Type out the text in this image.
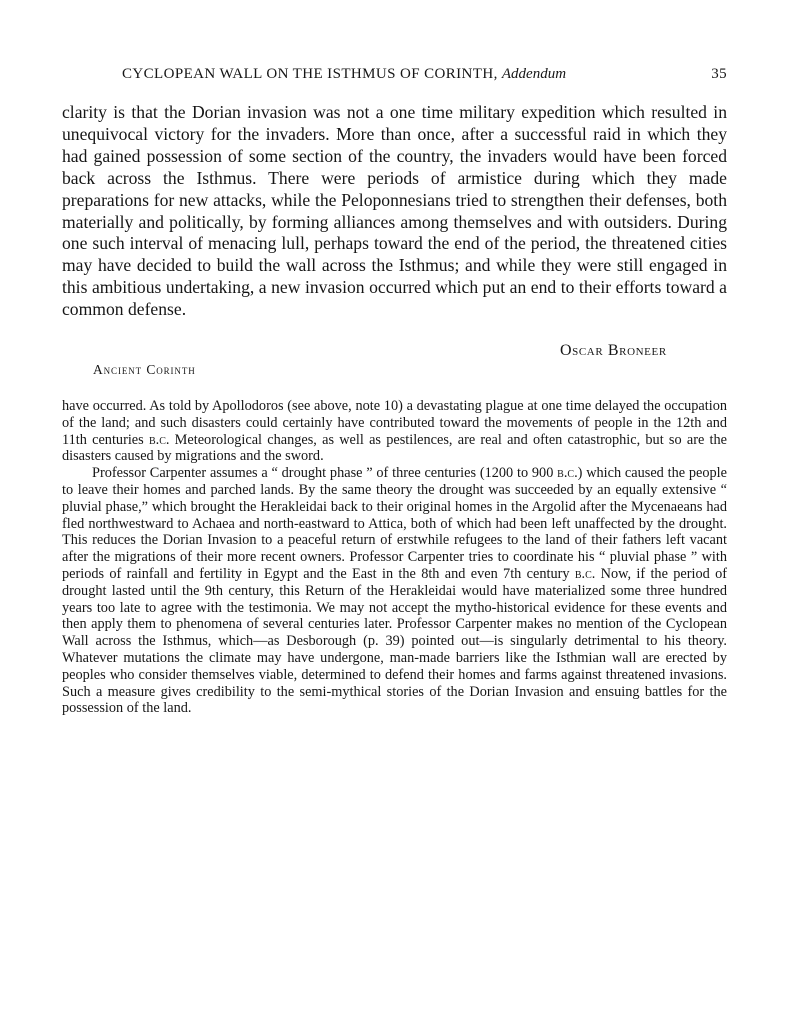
CYCLOPEAN WALL ON THE ISTHMUS OF CORINTH, Addendum	35

clarity is that the Dorian invasion was not a one time military expedition which resulted in unequivocal victory for the invaders. More than once, after a successful raid in which they had gained possession of some section of the country, the invaders would have been forced back across the Isthmus. There were periods of armistice during which they made preparations for new attacks, while the Peloponnesians tried to strengthen their defenses, both materially and politically, by forming alliances among themselves and with outsiders. During one such interval of menacing lull, perhaps toward the end of the period, the threatened cities may have decided to build the wall across the Isthmus; and while they were still engaged in this ambitious undertaking, a new invasion occurred which put an end to their efforts toward a common defense.

Oscar Broneer
Ancient Corinth

have occurred. As told by Apollodoros (see above, note 10) a devastating plague at one time delayed the occupation of the land; and such disasters could certainly have contributed toward the movements of people in the 12th and 11th centuries b.c. Meteorological changes, as well as pestilences, are real and often catastrophic, but so are the disasters caused by migrations and the sword.

Professor Carpenter assumes a “ drought phase ” of three centuries (1200 to 900 b.c.) which caused the people to leave their homes and parched lands. By the same theory the drought was succeeded by an equally extensive “ pluvial phase,” which brought the Herakleidai back to their original homes in the Argolid after the Mycenaeans had fled northwestward to Achaea and north-eastward to Attica, both of which had been left unaffected by the drought. This reduces the Dorian Invasion to a peaceful return of erstwhile refugees to the land of their fathers left vacant after the migrations of their more recent owners. Professor Carpenter tries to coordinate his “ pluvial phase ” with periods of rainfall and fertility in Egypt and the East in the 8th and even 7th century b.c. Now, if the period of drought lasted until the 9th century, this Return of the Herakleidai would have materialized some three hundred years too late to agree with the testimonia. We may not accept the mytho-historical evidence for these events and then apply them to phenomena of several centuries later. Professor Carpenter makes no mention of the Cyclopean Wall across the Isthmus, which—as Desborough (p. 39) pointed out—is singularly detrimental to his theory. Whatever mutations the climate may have undergone, man-made barriers like the Isthmian wall are erected by peoples who consider themselves viable, determined to defend their homes and farms against threatened invasions. Such a measure gives credibility to the semi-mythical stories of the Dorian Invasion and ensuing battles for the possession of the land.
